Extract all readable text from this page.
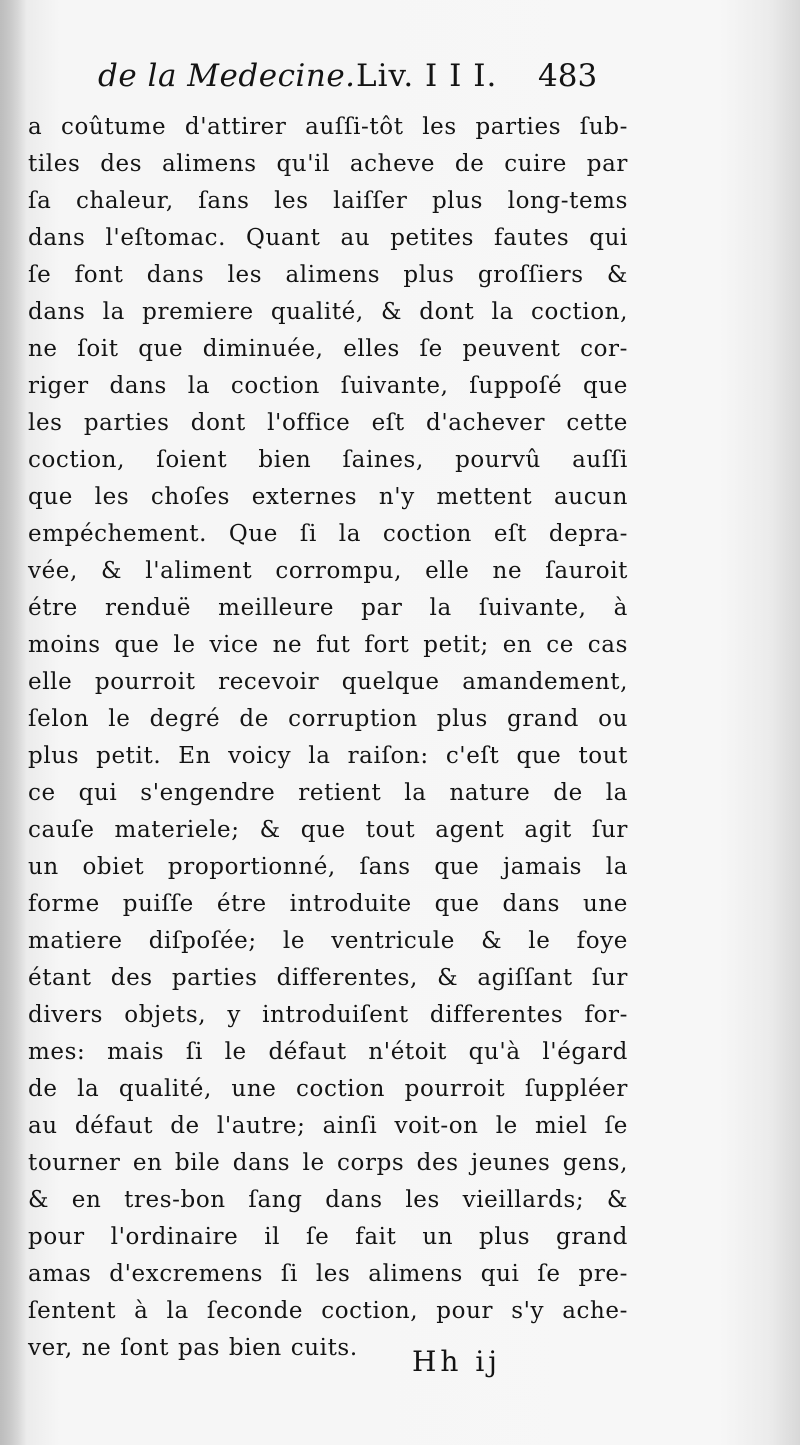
de la Medecine. Liv. I I I. 483
a coûtume d'attirer auſſi-tôt les parties ſub-
tiles des alimens qu'il acheve de cuire par
ſa chaleur, ſans les laiſſer plus long-tems
dans l'eſtomac. Quant au petites fautes qui
ſe font dans les alimens plus groſſiers &
dans la premiere qualité, & dont la coction,
ne ſoit que diminuée, elles ſe peuvent cor-
riger dans la coction ſuivante, ſuppoſé que
les parties dont l'office eſt d'achever cette
coction, ſoient bien ſaines, pourvû auſſi
que les choſes externes n'y mettent aucun
empéchement. Que ſi la coction eſt depra-
vée, & l'aliment corrompu, elle ne ſauroit
étre renduë meilleure par la ſuivante, à
moins que le vice ne fut fort petit; en ce cas
elle pourroit recevoir quelque amandement,
ſelon le degré de corruption plus grand ou
plus petit. En voicy la raiſon: c'eſt que tout
ce qui s'engendre retient la nature de la
cauſe materiele; & que tout agent agit ſur
un obiet proportionné, ſans que jamais la
forme puiſſe étre introduite que dans une
matiere diſpoſée; le ventricule & le foye
étant des parties differentes, & agiſſant ſur
divers objets, y introduiſent differentes for-
mes: mais ſi le défaut n'étoit qu'à l'égard
de la qualité, une coction pourroit ſuppléer
au défaut de l'autre; ainſi voit-on le miel ſe
tourner en bile dans le corps des jeunes gens,
& en tres-bon ſang dans les vieillards; &
pour l'ordinaire il ſe fait un plus grand
amas d'excremens ſi les alimens qui ſe pre-
ſentent à la ſeconde coction, pour s'y ache-
ver, ne ſont pas bien cuits.	Hh ij
